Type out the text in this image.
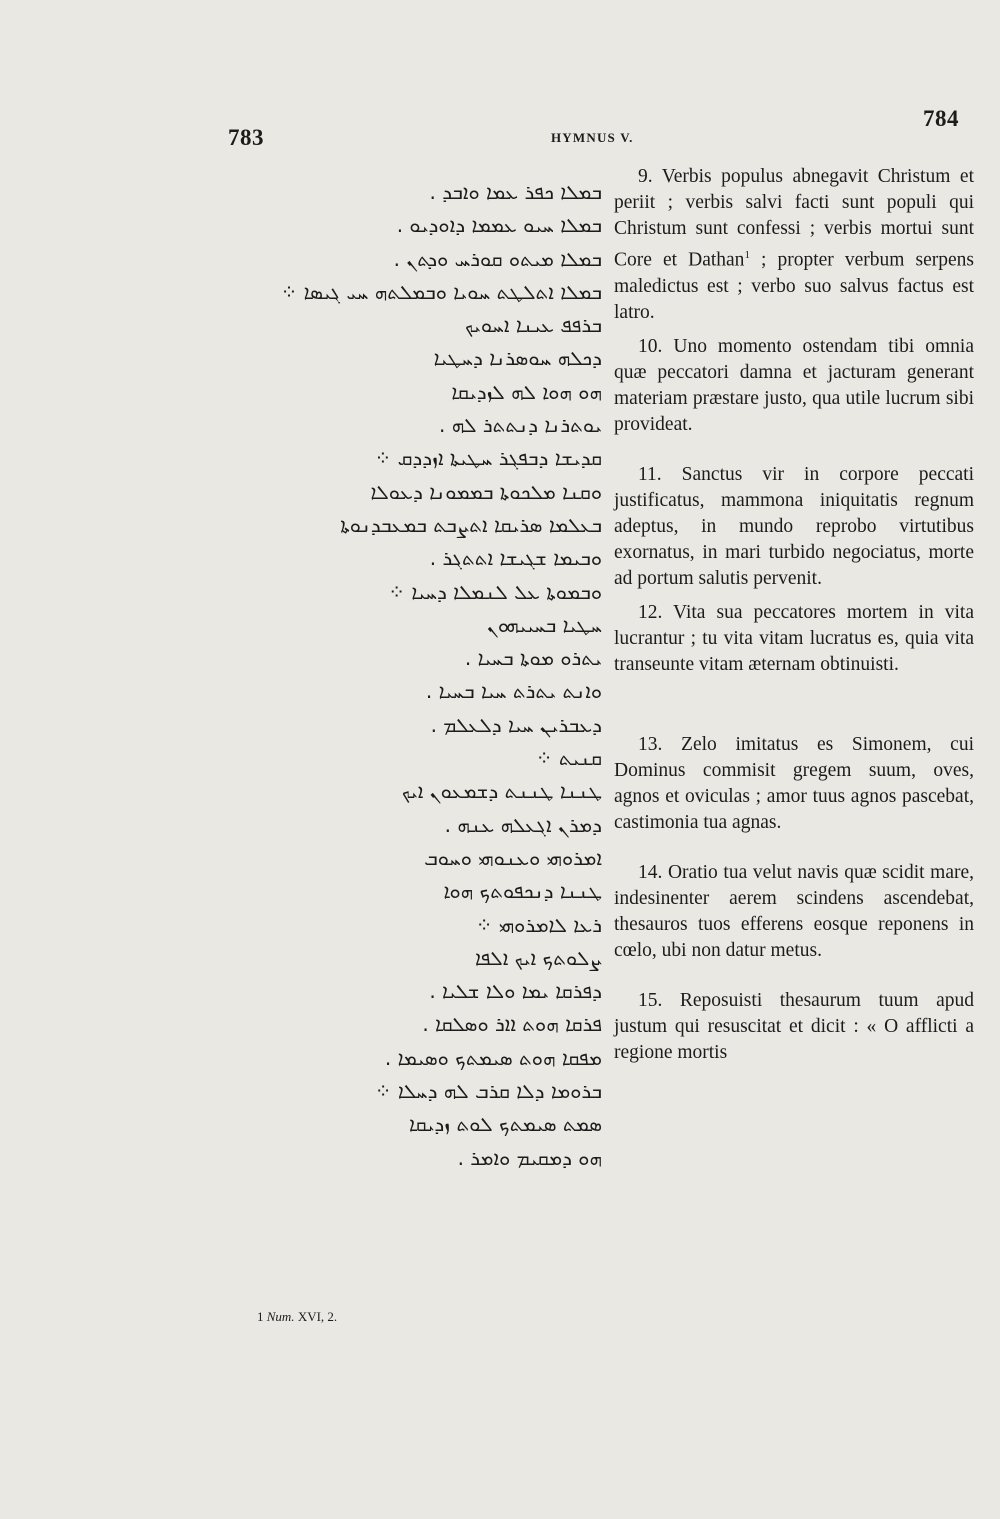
783	HYMNUS V.
784
ܒܡܠܐ ܟܦܪ ܥܡܐ ܘܐܒܕ .
ܒܡܠܐ ܚܝܘ ܥܡܡܐ ܕܐܘܕܝܘ .
ܒܡܠܐ ܡܝܬܘ ܩܘܪܚ ܘܕܬܢ .
ܒܡܠܐ ܐܬܠܛܬ ܚܘܝܐ ܘܒܡܠܬܗ ܚܝ ܓܝܣܐ ⁘
ܒܪܦܦ ܥܝܢܐ ܐܚܘܝܟ
ܕܟܠܗ ܚܘܣܪܢܐ ܕܚܛܝܐ
ܗܘ ܗܘܐ ܠܗ ܠܙܕܝܩܐ
ܝܘܬܪܢܐ ܕܢܬܬܪ ܠܗ .
ܩܕܝܫܐ ܕܒܦܓܪ ܚܛܝܬܐ ܐܙܕܕܩ ⁘
ܘܩܢܐ ܡܠܟܘܬܐ ܒܡܡܘܢܐ ܕܥܘܠܐ
ܒܥܠܡܐ ܣܪܝܩܐ ܐܬܨܒܬ ܒܡܥܒܕܢܘܬܐ
ܘܒܝܡܐ ܫܓܝܫܐ ܐܬܬܓܪ .
ܘܒܡܘܬܐ ܥܠ ܠܢܡܠܐ ܕܚܝܐ ⁘
ܚܛܝܐ ܒܚܝܝܗܘܢ
ܝܬܪܘ ܡܘܬܐ ܒܚܝܐ .
ܘܐܢܬ ܝܬܪܬ ܚܝܐ ܒܚܝܐ .
ܕܥܒܪܝܢ ܚܝܐ ܕܠܥܠܡ .
ܩܢܝܬ ⁘
ܛܢܢܐ ܛܢܢܬ ܕܫܡܥܘܢ ܐܝܟ
ܕܡܪܢ ܐܓܥܠܗ ܥܢܗ .
ܐܡܪܘܗܝ ܘܥܢܘܗܝ ܘܚܘܒ
ܛܢܢܐ ܕܢܟܦܘܬܟ ܗܘܐ
ܪܥܐ ܠܐܡܪܘܗܝ ⁘
ܨܠܘܬܟ ܐܝܟ ܐܠܦܐ
ܕܦܪܩܐ ܝܡܐ ܘܠܐ ܫܠܝܐ .
ܦܪܩܐ ܗܘܬ ܐܐܪ ܘܣܠܩܐ .
ܡܦܩܐ ܗܘܬ ܣܝܡܬܟ ܘܣܝܡܐ .
ܒܪܘܡܐ ܕܠܐ ܩܪܒ ܠܗ ܕܚܠܐ ⁘
ܣܡܬ ܣܝܡܬܟ ܠܘܬ ܙܕܝܩܐ
ܗܘ ܕܡܩܝܡ ܘܐܡܪ .

9. Verbis populus abnegavit Christum et periit ; verbis salvi facti sunt populi qui Christum sunt confessi ; verbis mortui sunt Core et Dathan$^1$ ; propter verbum serpens maledictus est ; verbo suo salvus factus est latro.

10. Uno momento ostendam tibi omnia quæ peccatori damna et jacturam generant materiam præstare justo, qua utile lucrum sibi provideat.

11. Sanctus vir in corpore peccati justificatus, mammona iniquitatis regnum adeptus, in mundo reprobo virtutibus exornatus, in mari turbido negociatus, morte ad portum salutis pervenit.

12. Vita sua peccatores mortem in vita lucrantur ; tu vita vitam lucratus es, quia vita transeunte vitam æternam obtinuisti.

13. Zelo imitatus es Simonem, cui Dominus commisit gregem suum, oves, agnos et oviculas ; amor tuus agnos pascebat, castimonia tua agnas.

14. Oratio tua velut navis quæ scidit mare, indesinenter aerem scindens ascendebat, thesauros tuos efferens eosque reponens in cœlo, ubi non datur metus.

15. Reposuisti thesaurum tuum apud justum qui resuscitat et dicit : « O afflicti a regione mortis

1 Num. XVI, 2.
